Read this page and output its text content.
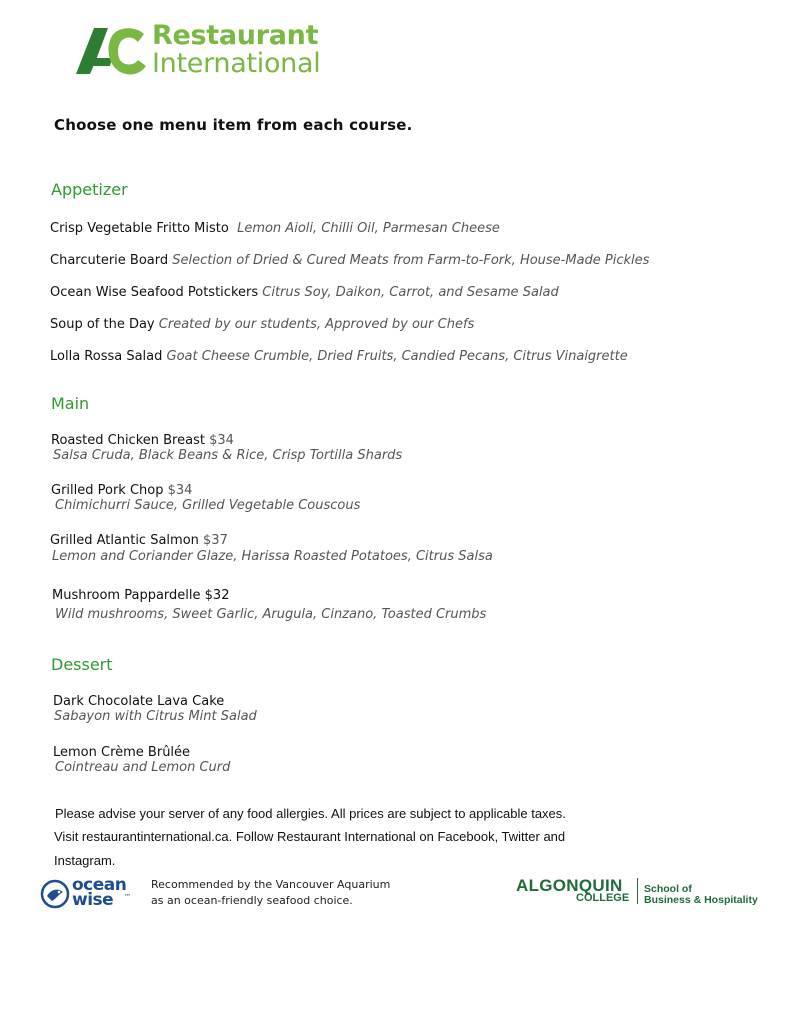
Restaurant
International
Choose one menu item from each course.
Appetizer
Crisp Vegetable Fritto Misto Lemon Aioli, Chilli Oil, Parmesan Cheese
Charcuterie Board Selection of Dried & Cured Meats from Farm-to-Fork, House-Made Pickles
Ocean Wise Seafood Potstickers Citrus Soy, Daikon, Carrot, and Sesame Salad
Soup of the Day Created by our students, Approved by our Chefs
Lolla Rossa Salad Goat Cheese Crumble, Dried Fruits, Candied Pecans, Citrus Vinaigrette
Main
Roasted Chicken Breast $34
Salsa Cruda, Black Beans & Rice, Crisp Tortilla Shards
Grilled Pork Chop $34
Chimichurri Sauce, Grilled Vegetable Couscous
Grilled Atlantic Salmon $37
Lemon and Coriander Glaze, Harissa Roasted Potatoes, Citrus Salsa
Mushroom Pappardelle $32
Wild mushrooms, Sweet Garlic, Arugula, Cinzano, Toasted Crumbs
Dessert
Dark Chocolate Lava Cake
Sabayon with Citrus Mint Salad
Lemon Crème Brûlée
Cointreau and Lemon Curd
Please advise your server of any food allergies. All prices are subject to applicable taxes.
Visit restaurantinternational.ca. Follow Restaurant International on Facebook, Twitter and
Instagram.
ocean
wise ™
Recommended by the Vancouver Aquarium
as an ocean-friendly seafood choice.
ALGONQUIN
COLLEGE
School of
Business & Hospitality
